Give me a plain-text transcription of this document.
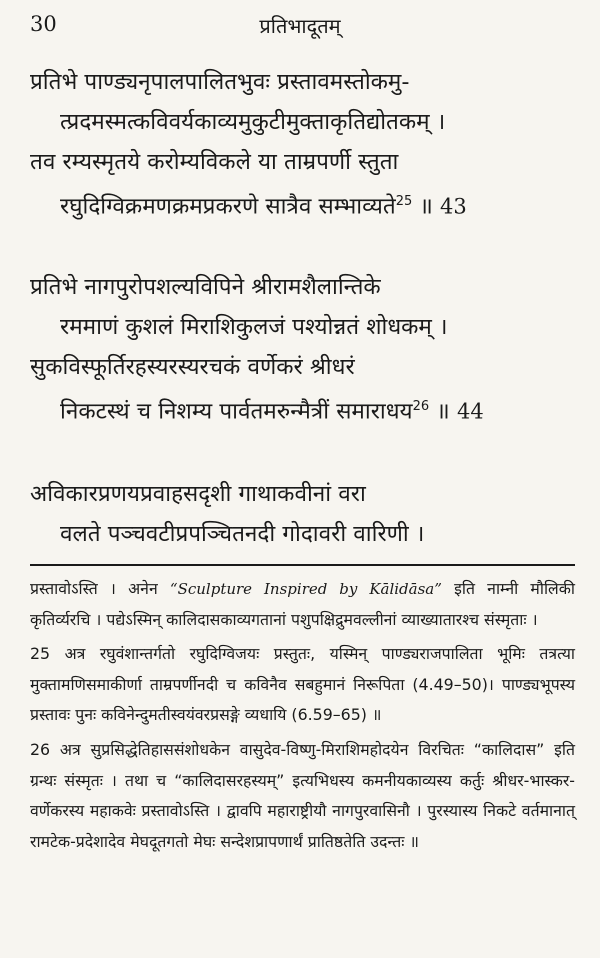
30	प्रतिभादूतम्
प्रतिभे पाण्ड्यनृपालपालितभुवः प्रस्तावमस्तोकमु-
त्प्रदमस्मत्कविवर्यकाव्यमुकुटीमुक्ताकृतिद्योतकम् ।
तव रम्यस्मृतये करोम्यविकले या ताम्रपर्णी स्तुता
रघुदिग्विक्रमणक्रमप्रकरणे सात्रैव सम्भाव्यते$^{25}$ ॥ 43
प्रतिभे नागपुरोपशल्यविपिने श्रीरामशैलान्तिके
रममाणं कुशलं मिराशिकुलजं पश्योन्नतं शोधकम् ।
सुकविस्फूर्तिरहस्यरस्यरचकं वर्णेकरं श्रीधरं
निकटस्थं च निशम्य पार्वतमरुन्मैत्रीं समाराधय$^{26}$ ॥ 44
अविकारप्रणयप्रवाहसदृशी गाथाकवीनां वरा
वलते पञ्चवटीप्रपञ्चितनदी गोदावरी वारिणी ।

प्रस्तावोऽस्ति । अनेन “Sculpture Inspired by Kālidāsa” इति नाम्नी मौलिकी कृतिर्व्यरचि । पद्येऽस्मिन् कालिदासकाव्यगतानां पशुपक्षिद्रुमवल्लीनां व्याख्यातारश्च संस्मृताः ।

25 अत्र रघुवंशान्तर्गतो रघुदिग्विजयः प्रस्तुतः, यस्मिन् पाण्ड्यराजपालिता भूमिः तत्रत्या मुक्तामणिसमाकीर्णा ताम्रपर्णीनदी च कविनैव सबहुमानं निरूपिता (4.49–50)। पाण्ड्यभूपस्य प्रस्तावः पुनः कविनेन्दुमतीस्वयंवरप्रसङ्गे व्यधायि (6.59–65) ॥

26 अत्र सुप्रसिद्धेतिहाससंशोधकेन वासुदेव-विष्णु-मिराशिमहोदयेन विरचितः “कालिदास” इति ग्रन्थः संस्मृतः । तथा च “कालिदासरहस्यम्” इत्यभिधस्य कमनीयकाव्यस्य कर्तुः श्रीधर-भास्कर-वर्णेकरस्य महाकवेः प्रस्तावोऽस्ति । द्वावपि महाराष्ट्रीयौ नागपुरवासिनौ । पुरस्यास्य निकटे वर्तमानात् रामटेक-प्रदेशादेव मेघदूतगतो मेघः सन्देशप्रापणार्थं प्रातिष्ठतेति उदन्तः ॥
